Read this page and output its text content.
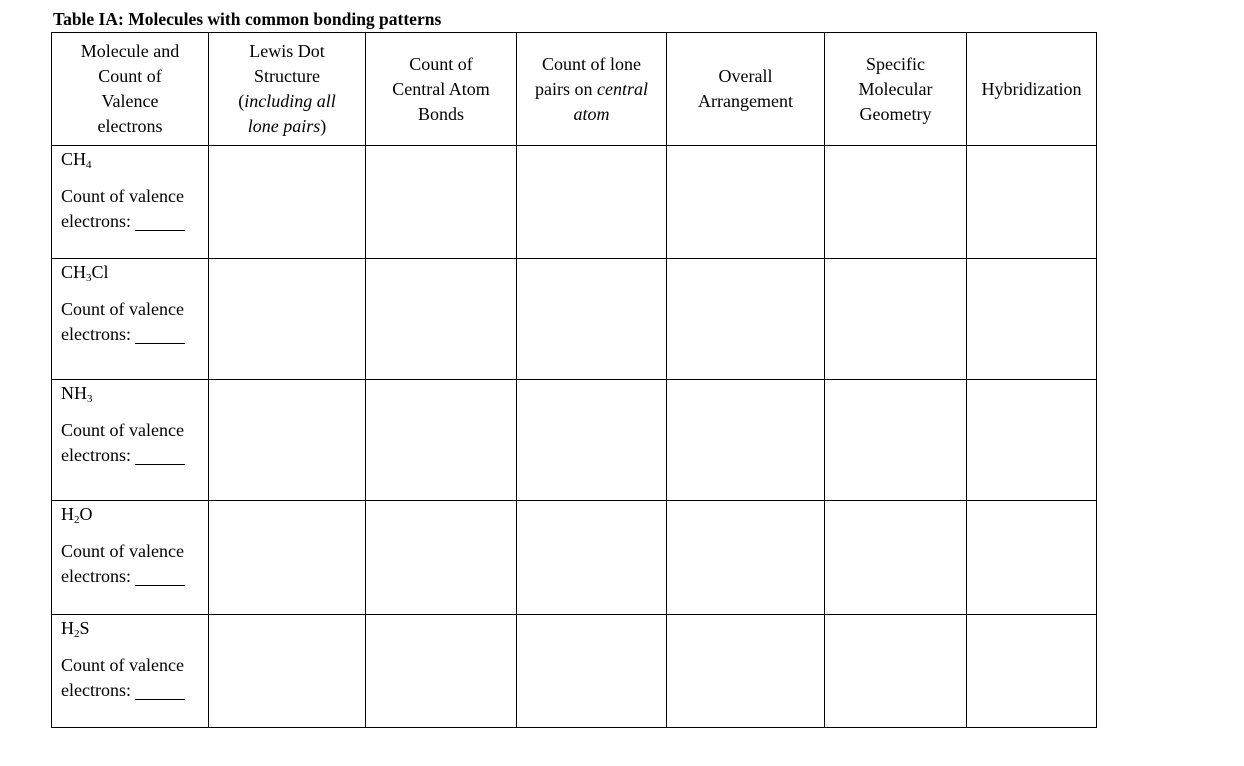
Table IA: Molecules with common bonding patterns
Molecule and
Count of
Valence
electrons	Lewis Dot
Structure
(including all
lone pairs)	Count of
Central Atom
Bonds	Count of lone
pairs on central
atom	Overall
Arrangement	Specific
Molecular
Geometry	Hybridization

$CH_4$
Count of valence
electrons:						

$CH_3Cl$
Count of valence
electrons:						

$NH_3$
Count of valence
electrons:						

$H_2O$
Count of valence
electrons:						

$H_2S$
Count of valence
electrons:						
